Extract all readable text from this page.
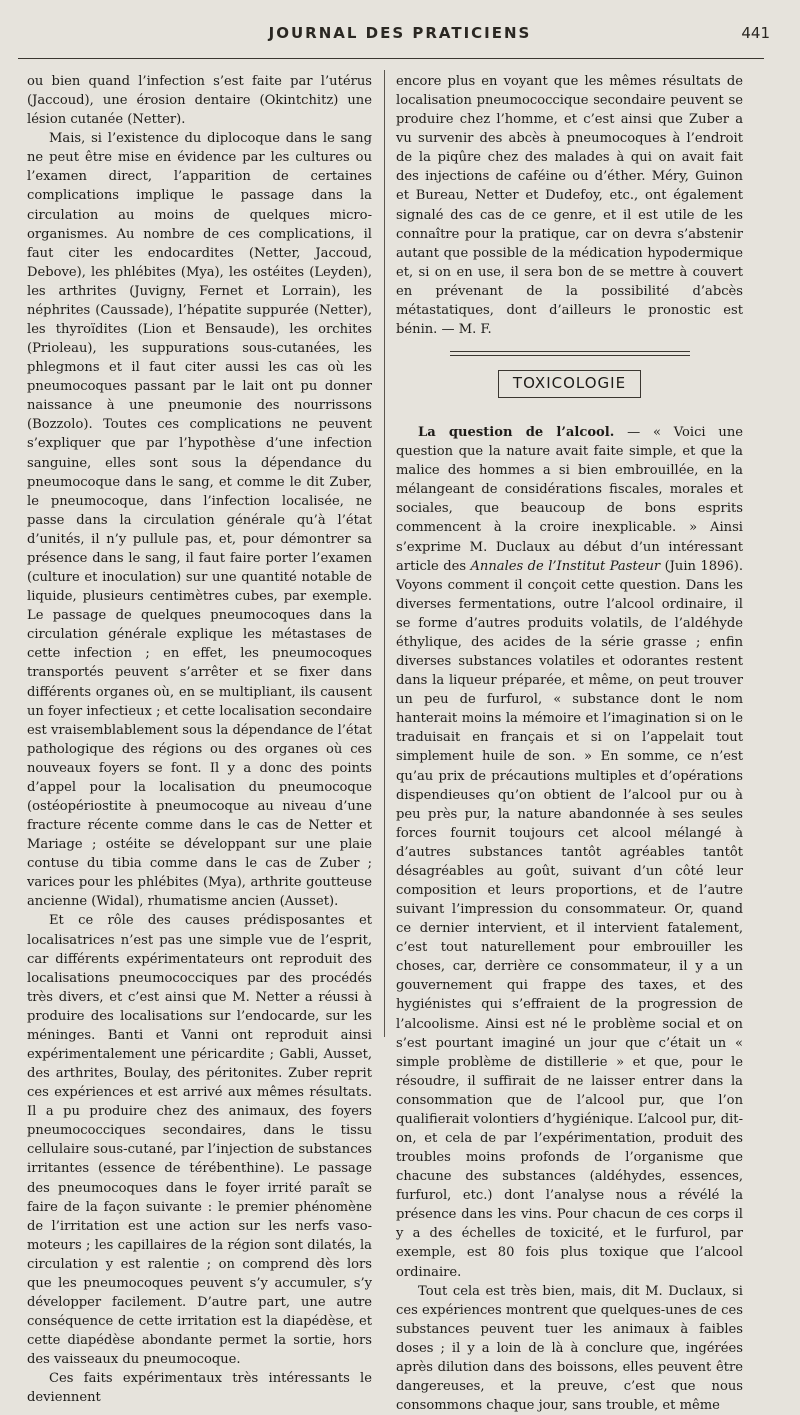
JOURNAL DES PRATICIENS	441

ou bien quand l’infection s’est faite par l’utérus (Jaccoud), une érosion dentaire (Okintchitz) une lésion cutanée (Netter).

Mais, si l’existence du diplocoque dans le sang ne peut être mise en évidence par les cultures ou l’examen direct, l’apparition de certaines complications implique le passage dans la circulation au moins de quelques micro-organismes. Au nombre de ces complications, il faut citer les endocardites (Netter, Jaccoud, Debove), les phlébites (Mya), les ostéites (Leyden), les arthrites (Juvigny, Fernet et Lorrain), les néphrites (Caussade), l’hépatite suppurée (Netter), les thyroïdites (Lion et Bensaude), les orchites (Prioleau), les suppurations sous-cutanées, les phlegmons et il faut citer aussi les cas où les pneumocoques passant par le lait ont pu donner naissance à une pneumonie des nourrissons (Bozzolo). Toutes ces complications ne peuvent s’expliquer que par l’hypothèse d’une infection sanguine, elles sont sous la dépendance du pneumocoque dans le sang, et comme le dit Zuber, le pneumocoque, dans l’infection localisée, ne passe dans la circulation générale qu’à l’état d’unités, il n’y pullule pas, et, pour démontrer sa présence dans le sang, il faut faire porter l’examen (culture et inoculation) sur une quantité notable de liquide, plusieurs centimètres cubes, par exemple. Le passage de quelques pneumocoques dans la circulation générale explique les métastases de cette infection ; en effet, les pneumocoques transportés peuvent s’arrêter et se fixer dans différents organes où, en se multipliant, ils causent un foyer infectieux ; et cette localisation secondaire est vraisemblablement sous la dépendance de l’état pathologique des régions ou des organes où ces nouveaux foyers se font. Il y a donc des points d’appel pour la localisation du pneumocoque (ostéopériostite à pneumocoque au niveau d’une fracture récente comme dans le cas de Netter et Mariage ; ostéite se développant sur une plaie contuse du tibia comme dans le cas de Zuber ; varices pour les phlébites (Mya), arthrite goutteuse ancienne (Widal), rhumatisme ancien (Ausset).

Et ce rôle des causes prédisposantes et localisatrices n’est pas une simple vue de l’esprit, car différents expérimentateurs ont reproduit des localisations pneumococciques par des procédés très divers, et c’est ainsi que M. Netter a réussi à produire des localisations sur l’endocarde, sur les méninges. Banti et Vanni ont reproduit ainsi expérimentalement une péricardite ; Gabli, Ausset, des arthrites, Boulay, des péritonites. Zuber reprit ces expériences et est arrivé aux mêmes résultats. Il a pu produire chez des animaux, des foyers pneumococciques secondaires, dans le tissu cellulaire sous-cutané, par l’injection de substances irritantes (essence de térébenthine). Le passage des pneumocoques dans le foyer irrité paraît se faire de la façon suivante : le premier phénomène de l’irritation est une action sur les nerfs vaso-moteurs ; les capillaires de la région sont dilatés, la circulation y est ralentie ; on comprend dès lors que les pneumocoques peuvent s’y accumuler, s’y développer facilement. D’autre part, une autre conséquence de cette irritation est la diapédèse, et cette diapédèse abondante permet la sortie, hors des vaisseaux du pneumocoque.

Ces faits expérimentaux très intéressants le deviennent

encore plus en voyant que les mêmes résultats de localisation pneumococcique secondaire peuvent se produire chez l’homme, et c’est ainsi que Zuber a vu survenir des abcès à pneumocoques à l’endroit de la piqûre chez des malades à qui on avait fait des injections de caféine ou d’éther. Méry, Guinon et Bureau, Netter et Dudefoy, etc., ont également signalé des cas de ce genre, et il est utile de les connaître pour la pratique, car on devra s’abstenir autant que possible de la médication hypodermique et, si on en use, il sera bon de se mettre à couvert en prévenant de la possibilité d’abcès métastatiques, dont d’ailleurs le pronostic est bénin. — M. F.

TOXICOLOGIE

La question de l’alcool. — « Voici une question que la nature avait faite simple, et que la malice des hommes a si bien embrouillée, en la mélangeant de considérations fiscales, morales et sociales, que beaucoup de bons esprits commencent à la croire inexplicable. » Ainsi s’exprime M. Duclaux au début d’un intéressant article des Annales de l’Institut Pasteur (Juin 1896). Voyons comment il conçoit cette question. Dans les diverses fermentations, outre l’alcool ordinaire, il se forme d’autres produits volatils, de l’aldéhyde éthylique, des acides de la série grasse ; enfin diverses substances volatiles et odorantes restent dans la liqueur préparée, et même, on peut trouver un peu de furfurol, « substance dont le nom hanterait moins la mémoire et l’imagination si on le traduisait en français et si on l’appelait tout simplement huile de son. » En somme, ce n’est qu’au prix de précautions multiples et d’opérations dispendieuses qu’on obtient de l’alcool pur ou à peu près pur, la nature abandonnée à ses seules forces fournit toujours cet alcool mélangé à d’autres substances tantôt agréables tantôt désagréables au goût, suivant d’un côté leur composition et leurs proportions, et de l’autre suivant l’impression du consommateur. Or, quand ce dernier intervient, et il intervient fatalement, c’est tout naturellement pour embrouiller les choses, car, derrière ce consommateur, il y a un gouvernement qui frappe des taxes, et des hygiénistes qui s’effraient de la progression de l’alcoolisme. Ainsi est né le problème social et on s’est pourtant imaginé un jour que c’était un « simple problème de distillerie » et que, pour le résoudre, il suffirait de ne laisser entrer dans la consommation que de l’alcool pur, que l’on qualifierait volontiers d’hygiénique. L’alcool pur, dit-on, et cela de par l’expérimentation, produit des troubles moins profonds de l’organisme que chacune des substances (aldéhydes, essences, furfurol, etc.) dont l’analyse nous a révélé la présence dans les vins. Pour chacun de ces corps il y a des échelles de toxicité, et le furfurol, par exemple, est 80 fois plus toxique que l’alcool ordinaire.

Tout cela est très bien, mais, dit M. Duclaux, si ces expériences montrent que quelques-unes de ces substances peuvent tuer les animaux à faibles doses ; il y a loin de là à conclure que, ingérées après dilution dans des boissons, elles peuvent être dangereuses, et la preuve, c’est que nous consommons chaque jour, sans trouble, et même
